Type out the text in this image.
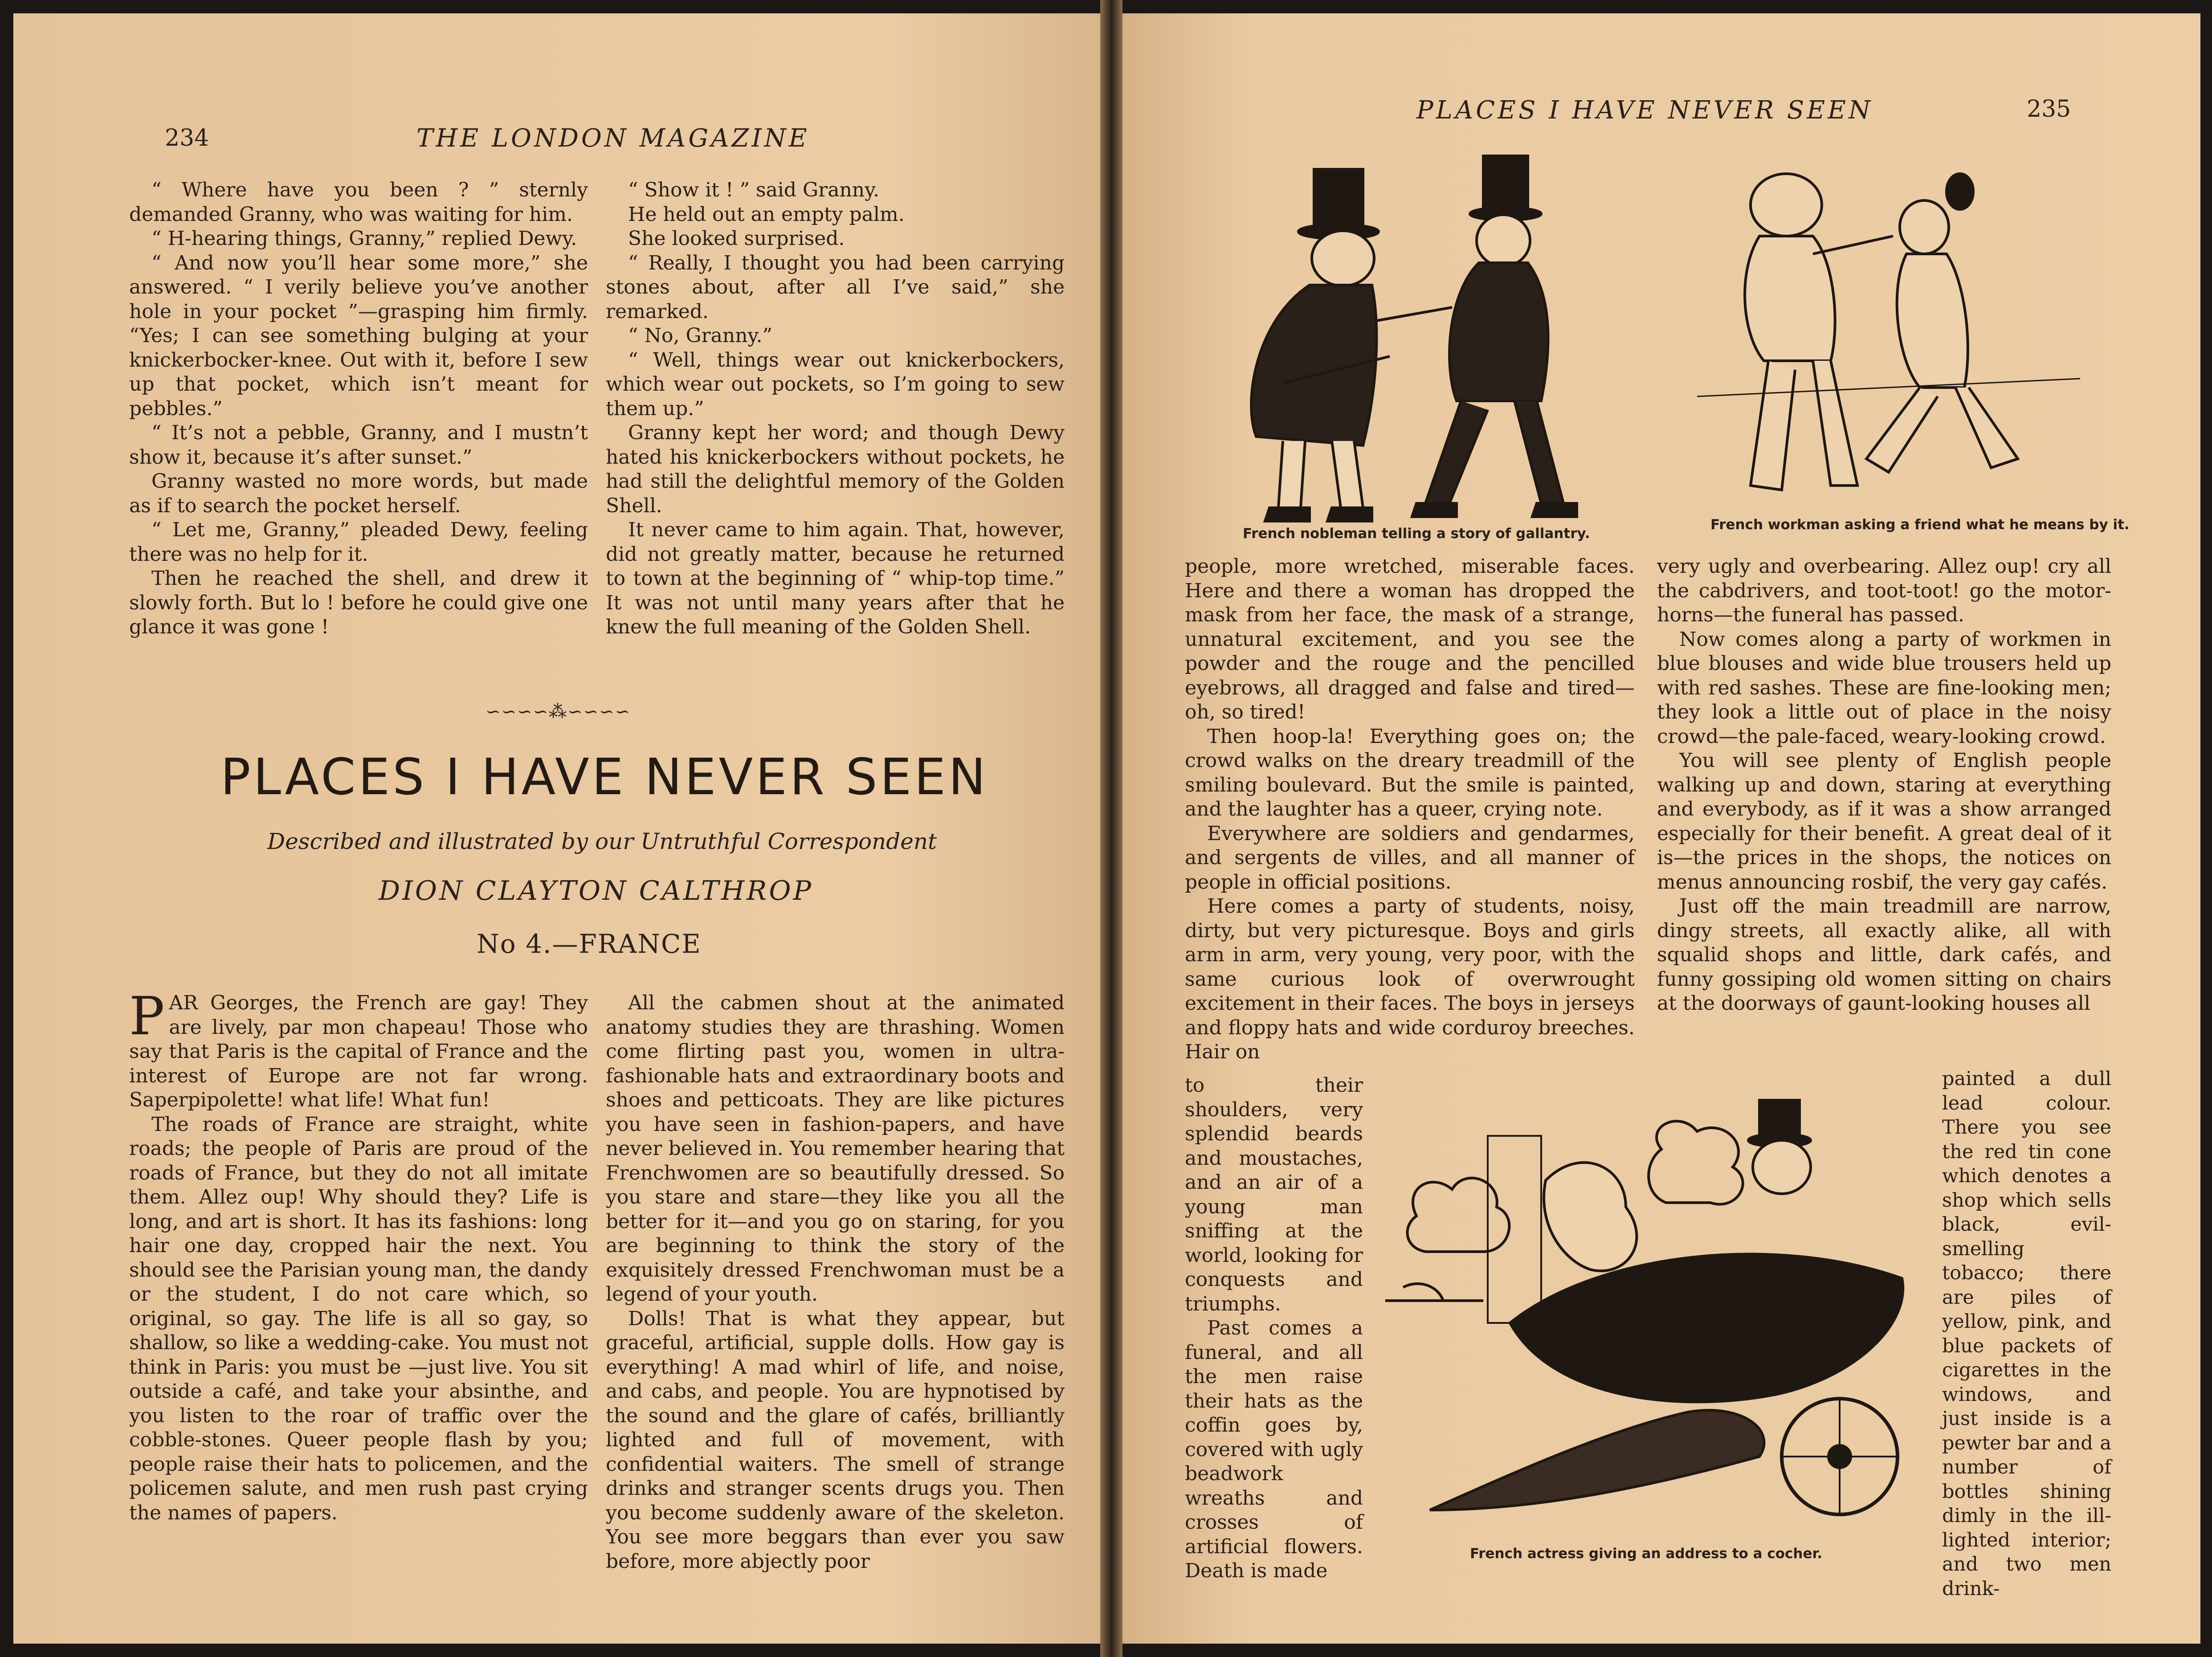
234	THE LONDON MAGAZINE

“ Where have you been ? ” sternly demanded Granny, who was waiting for him.

“ H-hearing things, Granny,” replied Dewy.

“ And now you’ll hear some more,” she answered. “ I verily believe you’ve another hole in your pocket ”—grasping him firmly. “Yes; I can see something bulging at your knickerbocker-knee. Out with it, before I sew up that pocket, which isn’t meant for pebbles.”

“ It’s not a pebble, Granny, and I mustn’t show it, because it’s after sunset.”

Granny wasted no more words, but made as if to search the pocket herself.

“ Let me, Granny,” pleaded Dewy, feeling there was no help for it.

Then he reached the shell, and drew it slowly forth. But lo ! before he could give one glance it was gone !

“ Show it ! ” said Granny.

He held out an empty palm.

She looked surprised.

“ Really, I thought you had been carrying stones about, after all I’ve said,” she remarked.

“ No, Granny.”

“ Well, things wear out knickerbockers, which wear out pockets, so I’m going to sew them up.”

Granny kept her word; and though Dewy hated his knickerbockers without pockets, he had still the delightful memory of the Golden Shell.

It never came to him again. That, however, did not greatly matter, because he returned to town at the beginning of “ whip-top time.” It was not until many years after that he knew the full meaning of the Golden Shell.

∽∽∽∽⁂∽∽∽∽
PLACES I HAVE NEVER SEEN
Described and illustrated by our Untruthful Correspondent
DION CLAYTON CALTHROP
No 4.—FRANCE
P AR Georges, the French are gay! They are lively, par mon chapeau! Those who say that Paris is the capital of France and the interest of Europe are not far wrong. Saperpipolette! what life! What fun!

The roads of France are straight, white roads; the people of Paris are proud of the roads of France, but they do not all imitate them. Allez oup! Why should they? Life is long, and art is short. It has its fashions: long hair one day, cropped hair the next. You should see the Parisian young man, the dandy or the student, I do not care which, so original, so gay. The life is all so gay, so shallow, so like a wedding-cake. You must not think in Paris: you must be —just live. You sit outside a café, and take your absinthe, and you listen to the roar of traffic over the cobble-stones. Queer people flash by you; people raise their hats to policemen, and the policemen salute, and men rush past crying the names of papers.

All the cabmen shout at the animated anatomy studies they are thrashing. Women come flirting past you, women in ultra-fashionable hats and extraordinary boots and shoes and petticoats. They are like pictures you have seen in fashion-papers, and have never believed in. You remember hearing that Frenchwomen are so beautifully dressed. So you stare and stare—they like you all the better for it—and you go on staring, for you are beginning to think the story of the exquisitely dressed Frenchwoman must be a legend of your youth.

Dolls! That is what they appear, but graceful, artificial, supple dolls. How gay is everything! A mad whirl of life, and noise, and cabs, and people. You are hypnotised by the sound and the glare of cafés, brilliantly lighted and full of movement, with confidential waiters. The smell of strange drinks and stranger scents drugs you. Then you become suddenly aware of the skeleton. You see more beggars than ever you saw before, more abjectly poor

PLACES I HAVE NEVER SEEN	235
French nobleman telling a story of gallantry.
French workman asking a friend what he means by it.

people, more wretched, miserable faces. Here and there a woman has dropped the mask from her face, the mask of a strange, unnatural excitement, and you see the powder and the rouge and the pencilled eyebrows, all dragged and false and tired—oh, so tired!

Then hoop-la! Everything goes on; the crowd walks on the dreary treadmill of the smiling boulevard. But the smile is painted, and the laughter has a queer, crying note.

Everywhere are soldiers and gendarmes, and sergents de villes, and all manner of people in official positions.

Here comes a party of students, noisy, dirty, but very picturesque. Boys and girls arm in arm, very young, very poor, with the same curious look of overwrought excitement in their faces. The boys in jerseys and floppy hats and wide corduroy breeches. Hair on

very ugly and overbearing. Allez oup! cry all the cabdrivers, and toot-toot! go the motor-horns—the funeral has passed.

Now comes along a party of workmen in blue blouses and wide blue trousers held up with red sashes. These are fine-looking men; they look a little out of place in the noisy crowd—the pale-faced, weary-looking crowd.

You will see plenty of English people walking up and down, staring at everything and everybody, as if it was a show arranged especially for their benefit. A great deal of it is—the prices in the shops, the notices on menus announcing rosbif, the very gay cafés.

Just off the main treadmill are narrow, dingy streets, all exactly alike, all with squalid shops and little, dark cafés, and funny gossiping old women sitting on chairs at the doorways of gaunt-looking houses all

to their shoulders, very splendid beards and moustaches, and an air of a young man sniffing at the world, looking for conquests and triumphs.

Past comes a funeral, and all the men raise their hats as the coffin goes by, covered with ugly beadwork wreaths and crosses of artificial flowers. Death is made

painted a dull lead colour. There you see the red tin cone which denotes a shop which sells black, evil-smelling tobacco; there are piles of yellow, pink, and blue packets of cigarettes in the windows, and just inside is a pewter bar and a number of bottles shining dimly in the ill-lighted interior; and two men drink-

French actress giving an address to a cocher.
